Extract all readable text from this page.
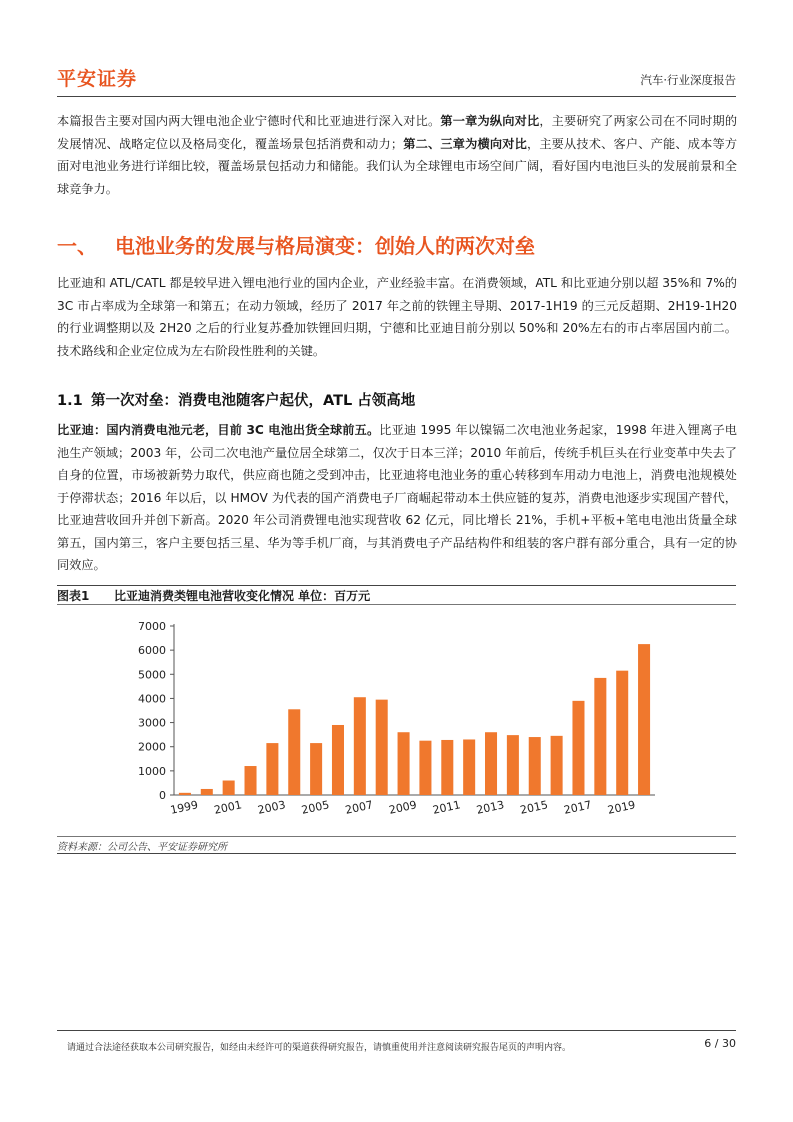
平安证券	汽车·行业深度报告

本篇报告主要对国内两大锂电池企业宁德时代和比亚迪进行深入对比。第一章为纵向对比，主要研究了两家公司在不同时期的发展情况、战略定位以及格局变化，覆盖场景包括消费和动力；第二、三章为横向对比，主要从技术、客户、产能、成本等方面对电池业务进行详细比较，覆盖场景包括动力和储能。我们认为全球锂电市场空间广阔，看好国内电池巨头的发展前景和全球竞争力。

一、 电池业务的发展与格局演变：创始人的两次对垒

比亚迪和 ATL/CATL 都是较早进入锂电池行业的国内企业，产业经验丰富。在消费领域，ATL 和比亚迪分别以超 35%和 7%的 3C 市占率成为全球第一和第五；在动力领域，经历了 2017 年之前的铁锂主导期、2017-1H19 的三元反超期、2H19-1H20 的行业调整期以及 2H20 之后的行业复苏叠加铁锂回归期，宁德和比亚迪目前分别以 50%和 20%左右的市占率居国内前二。技术路线和企业定位成为左右阶段性胜利的关键。

1.1 第一次对垒：消费电池随客户起伏，ATL 占领高地

比亚迪：国内消费电池元老，目前 3C 电池出货全球前五。比亚迪 1995 年以镍镉二次电池业务起家，1998 年进入锂离子电池生产领域；2003 年，公司二次电池产量位居全球第二，仅次于日本三洋；2010 年前后，传统手机巨头在行业变革中失去了自身的位置，市场被新势力取代，供应商也随之受到冲击，比亚迪将电池业务的重心转移到车用动力电池上，消费电池规模处于停滞状态；2016 年以后，以 HMOV 为代表的国产消费电子厂商崛起带动本土供应链的复苏，消费电池逐步实现国产替代，比亚迪营收回升并创下新高。2020 年公司消费锂电池实现营收 62 亿元，同比增长 21%，手机+平板+笔电电池出货量全球第五，国内第三，客户主要包括三星、华为等手机厂商，与其消费电子产品结构件和组装的客户群有部分重合，具有一定的协同效应。

图表1 比亚迪消费类锂电池营收变化情况 单位：百万元
0
1000
2000
3000
4000
5000
6000
7000
1999 2001 2003 2005 2007 2009 2011 2013 2015 2017 2019
资料来源：公司公告、平安证券研究所
请通过合法途径获取本公司研究报告，如经由未经许可的渠道获得研究报告，请慎重使用并注意阅读研究报告尾页的声明内容。	6 / 30
